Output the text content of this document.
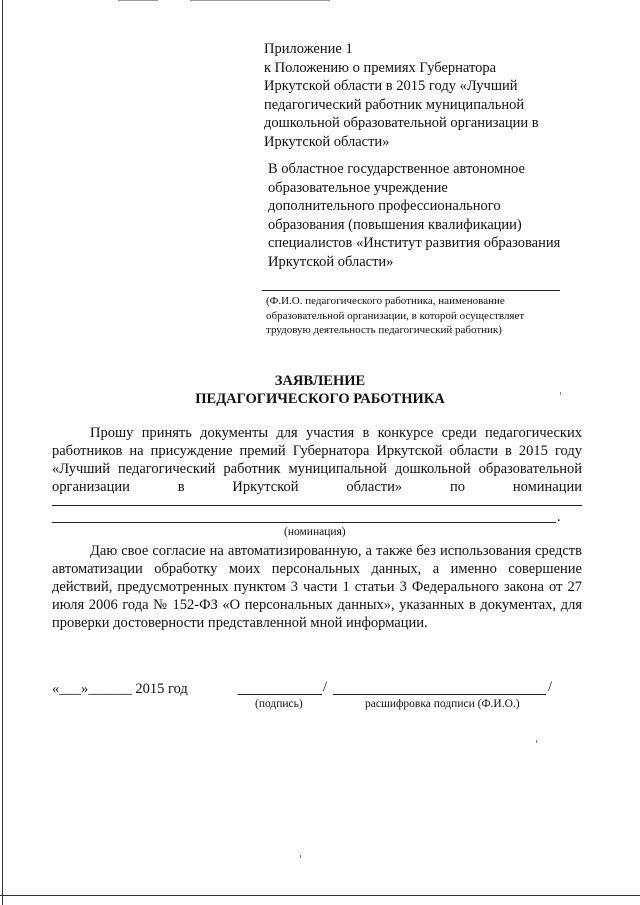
Приложение 1
к Положению о премиях Губернатора
Иркутской области в 2015 году «Лучший
педагогический работник муниципальной
дошкольной образовательной организации в
Иркутской области»
В областное государственное автономное
образовательное учреждение
дополнительного профессионального
образования (повышения квалификации)
специалистов «Институт развития образования
Иркутской области»
(Ф.И.О. педагогического работника, наименование
образовательной организации, в которой осуществляет
трудовую деятельность педагогический работник)
ЗАЯВЛЕНИЕ
ПЕДАГОГИЧЕСКОГО РАБОТНИКА
Прошу принять документы для участия в конкурсе среди педагогических работников на присуждение премий Губернатора Иркутской области в 2015 году «Лучший педагогический работник муниципальной дошкольной образовательной организации в Иркутской области» по номинации
.
(номинация)
Даю свое согласие на автоматизированную, а также без использования средств автоматизации обработку моих персональных данных, а именно совершение действий, предусмотренных пунктом 3 части 1 статьи 3 Федерального закона от 27 июля 2006 года № 152-ФЗ «О персональных данных», указанных в документах, для проверки достоверности представленной мной информации.
«___»______ 2015 год	/	/
(подпись)	расшифровка подписи (Ф.И.О.)
